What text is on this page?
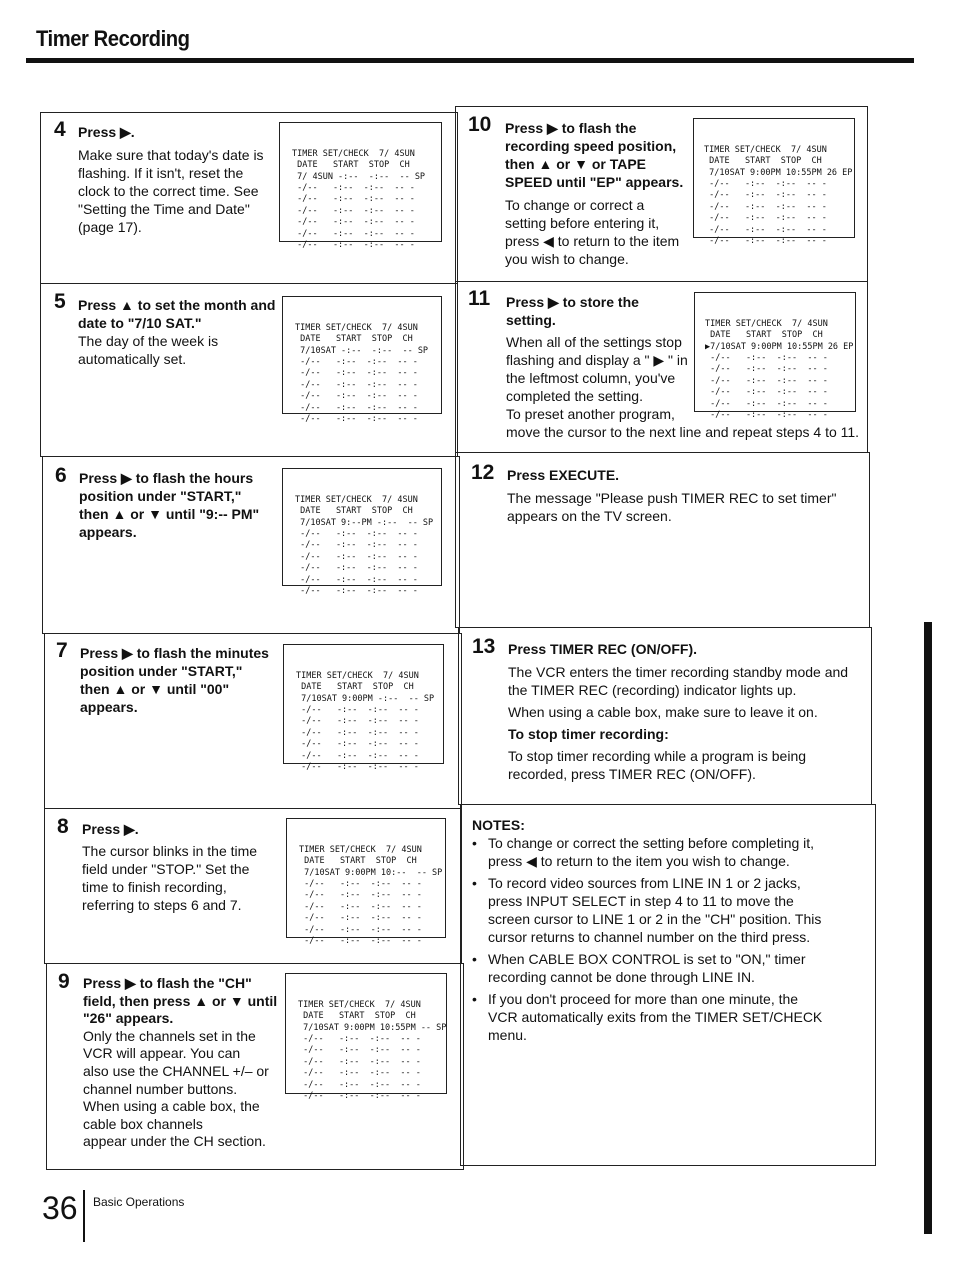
Timer Recording
4 Press ▶.
Make sure that today's date is
flashing. If it isn't, reset the
clock to the correct time. See
"Setting the Time and Date"
(page 17).

TIMER SET/CHECK  7/ 4SUN
DATE   START  STOP  CH
7/ 4SUN -:--  -:--  -- SP
-/--   -:--  -:--  -- -
-/--   -:--  -:--  -- -
-/--   -:--  -:--  -- -
-/--   -:--  -:--  -- -
-/--   -:--  -:--  -- -
-/--   -:--  -:--  -- -

5 Press ▲ to set the month and
date to "7/10 SAT."
The day of the week is
automatically set.

TIMER SET/CHECK  7/ 4SUN
DATE   START  STOP  CH
7/10SAT -:--  -:--  -- SP
-/--   -:--  -:--  -- -
-/--   -:--  -:--  -- -
-/--   -:--  -:--  -- -
-/--   -:--  -:--  -- -
-/--   -:--  -:--  -- -
-/--   -:--  -:--  -- -

6 Press ▶ to flash the hours
position under "START,"
then ▲ or ▼ until "9:-- PM"
appears.

TIMER SET/CHECK  7/ 4SUN
DATE   START  STOP  CH
7/10SAT 9:--PM -:--  -- SP
-/--   -:--  -:--  -- -
-/--   -:--  -:--  -- -
-/--   -:--  -:--  -- -
-/--   -:--  -:--  -- -
-/--   -:--  -:--  -- -
-/--   -:--  -:--  -- -

7 Press ▶ to flash the minutes
position under "START,"
then ▲ or ▼ until "00"
appears.

TIMER SET/CHECK  7/ 4SUN
DATE   START  STOP  CH
7/10SAT 9:00PM -:--  -- SP
-/--   -:--  -:--  -- -
-/--   -:--  -:--  -- -
-/--   -:--  -:--  -- -
-/--   -:--  -:--  -- -
-/--   -:--  -:--  -- -
-/--   -:--  -:--  -- -

8 Press ▶.
The cursor blinks in the time
field under "STOP." Set the
time to finish recording,
referring to steps 6 and 7.

TIMER SET/CHECK  7/ 4SUN
DATE   START  STOP  CH
7/10SAT 9:00PM 10:--  -- SP
-/--   -:--  -:--  -- -
-/--   -:--  -:--  -- -
-/--   -:--  -:--  -- -
-/--   -:--  -:--  -- -
-/--   -:--  -:--  -- -
-/--   -:--  -:--  -- -

9 Press ▶ to flash the "CH"
field, then press ▲ or ▼ until
"26" appears.
Only the channels set in the
VCR will appear. You can
also use the CHANNEL +/– or
channel number buttons.
When using a cable box, the
cable box channels
appear under the CH section.

TIMER SET/CHECK  7/ 4SUN
DATE   START  STOP  CH
7/10SAT 9:00PM 10:55PM -- SP
-/--   -:--  -:--  -- -
-/--   -:--  -:--  -- -
-/--   -:--  -:--  -- -
-/--   -:--  -:--  -- -
-/--   -:--  -:--  -- -
-/--   -:--  -:--  -- -

10 Press ▶ to flash the
recording speed position,
then ▲ or ▼ or TAPE
SPEED until "EP" appears.
To change or correct a
setting before entering it,
press ◀ to return to the item
you wish to change.

TIMER SET/CHECK  7/ 4SUN
DATE   START  STOP  CH
7/10SAT 9:00PM 10:55PM 26 EP
-/--   -:--  -:--  -- -
-/--   -:--  -:--  -- -
-/--   -:--  -:--  -- -
-/--   -:--  -:--  -- -
-/--   -:--  -:--  -- -
-/--   -:--  -:--  -- -

11 Press ▶ to store the
setting.
When all of the settings stop
flashing and display a " ▶ " in
the leftmost column, you've
completed the setting.
To preset another program,
move the cursor to the next line and repeat steps 4 to 11.

TIMER SET/CHECK  7/ 4SUN
DATE   START  STOP  CH
▶7/10SAT 9:00PM 10:55PM 26 EP
-/--   -:--  -:--  -- -
-/--   -:--  -:--  -- -
-/--   -:--  -:--  -- -
-/--   -:--  -:--  -- -
-/--   -:--  -:--  -- -
-/--   -:--  -:--  -- -

12 Press EXECUTE.
The message "Please push TIMER REC to set timer"
appears on the TV screen.
13 Press TIMER REC (ON/OFF).
The VCR enters the timer recording standby mode and
the TIMER REC (recording) indicator lights up.
When using a cable box, make sure to leave it on.
To stop timer recording:
To stop timer recording while a program is being
recorded, press TIMER REC (ON/OFF).
NOTES:
• To change or correct the setting before completing it,
press ◀ to return to the item you wish to change.
• To record video sources from LINE IN 1 or 2 jacks,
press INPUT SELECT in step 4 to 11 to move the
screen cursor to LINE 1 or 2 in the "CH" position. This
cursor returns to channel number on the third press.
• When CABLE BOX CONTROL is set to "ON," timer
recording cannot be done through LINE IN.
• If you don't proceed for more than one minute, the
VCR automatically exits from the TIMER SET/CHECK
menu.
36 Basic Operations
